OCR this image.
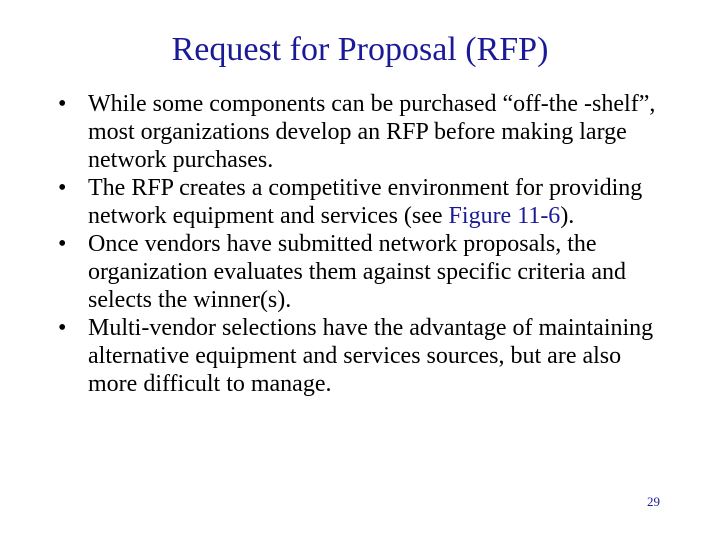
Request for Proposal (RFP)
• While some components can be purchased “off-the -shelf”, most organizations develop an RFP before making large network purchases.
• The RFP creates a competitive environment for providing network equipment and services (see Figure 11-6).
• Once vendors have submitted network proposals, the organization evaluates them against specific criteria and selects the winner(s).
• Multi-vendor selections have the advantage of maintaining alternative equipment and services sources, but are also more difficult to manage.
29
